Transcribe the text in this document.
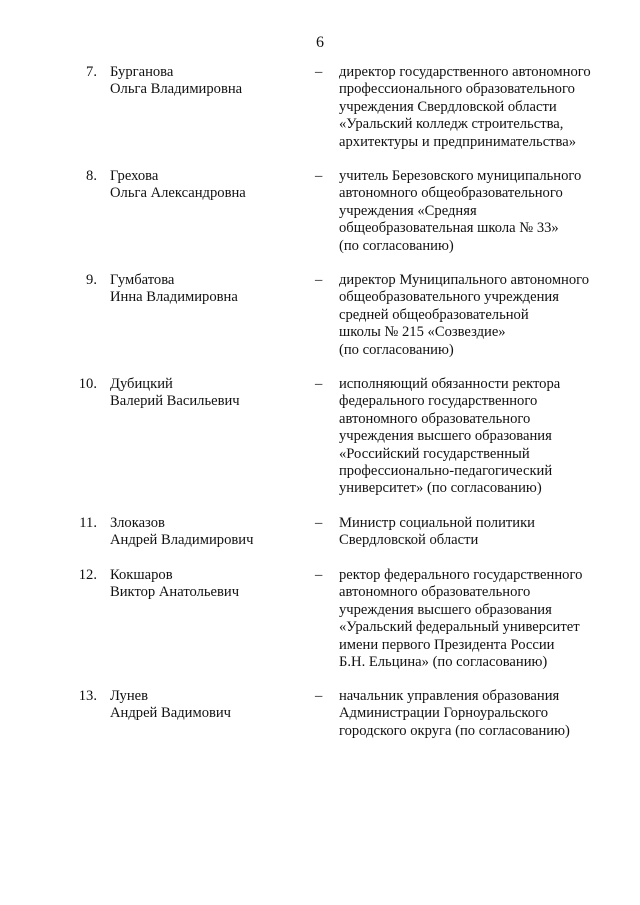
6
7. Бурганова
Ольга Владимировна
–	директор государственного автономного
профессионального образовательного
учреждения Свердловской области
«Уральский колледж строительства,
архитектуры и предпринимательства»
8. Грехова
Ольга Александровна
–	учитель Березовского муниципального
автономного общеобразовательного
учреждения «Средняя
общеобразовательная школа № 33»
(по согласованию)
9. Гумбатова
Инна Владимировна
–	директор Муниципального автономного
общеобразовательного учреждения
средней общеобразовательной
школы № 215 «Созвездие»
(по согласованию)
10. Дубицкий
Валерий Васильевич
–	исполняющий обязанности ректора
федерального государственного
автономного образовательного
учреждения высшего образования
«Российский государственный
профессионально-педагогический
университет» (по согласованию)
11. Злоказов
Андрей Владимирович
–	Министр социальной политики
Свердловской области
12. Кокшаров
Виктор Анатольевич
–	ректор федерального государственного
автономного образовательного
учреждения высшего образования
«Уральский федеральный университет
имени первого Президента России
Б.Н. Ельцина» (по согласованию)
13. Лунев
Андрей Вадимович
–	начальник управления образования
Администрации Горноуральского
городского округа (по согласованию)
